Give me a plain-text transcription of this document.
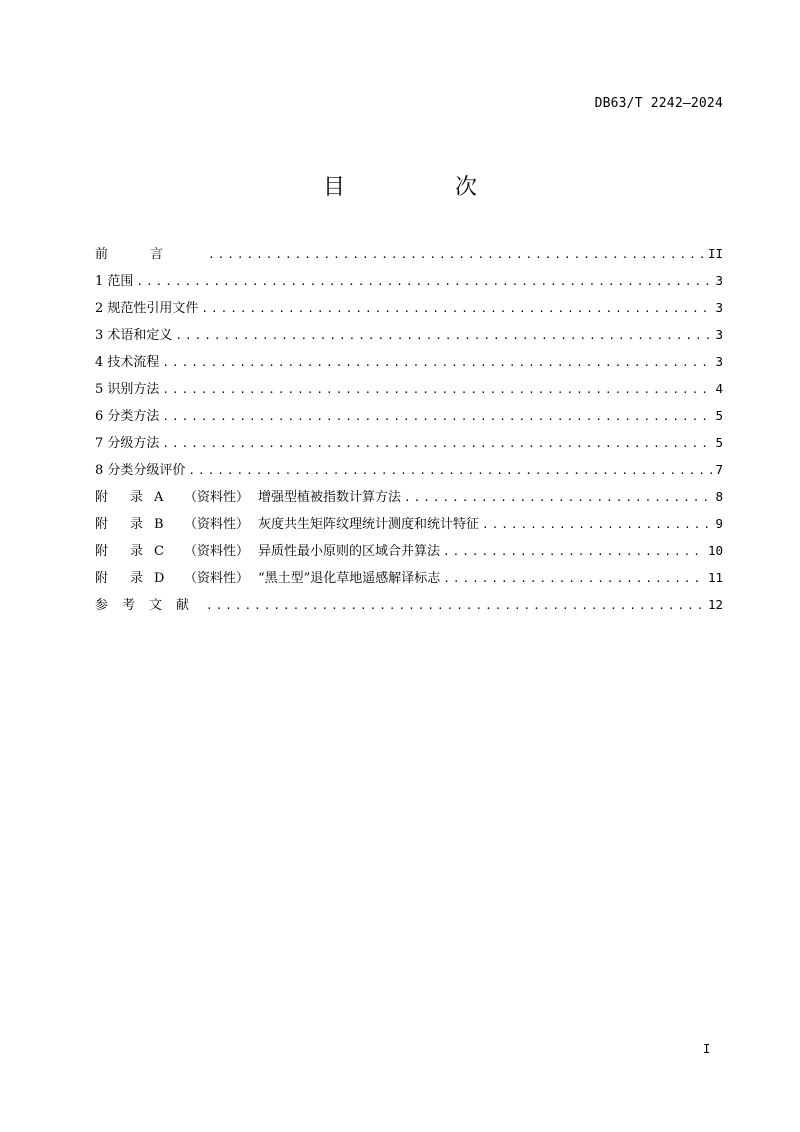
DB63/T 2242—2024
目　次
前言 .....	II
1 范围 .....	3
2 规范性引用文件 .....	3
3 术语和定义 .....	3
4 技术流程 .....	3
5 识别方法 .....	4
6 分类方法 .....	5
7 分级方法 .....	5
8 分类分级评价 .....	7
附 录 A （资料性） 增强型植被指数计算方法 .....	8
附 录 B （资料性） 灰度共生矩阵纹理统计测度和统计特征 .....	9
附 录 C （资料性） 异质性最小原则的区域合并算法 .....	10
附 录 D （资料性） “黑土型”退化草地遥感解译标志 .....	11
参考文献 .....	12
I
